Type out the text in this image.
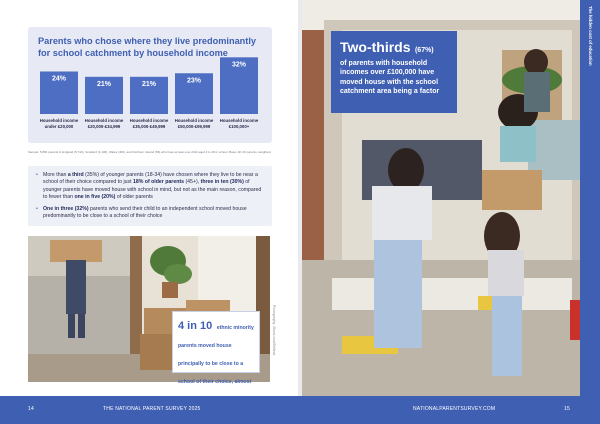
Parents who chose where they live predominantly for school catchment by household income
24%
Household income
under £20,000
21%
Household income
£20,000-£34,999
21%
Household income
£35,000-£49,999
23%
Household income
£50,000-£99,999
32%
Household income
£100,000+
Sample: 5,884 parents in England (5,744), Scotland (1,106), Wales (460), and Northern Ireland (59) who have at least one child aged 4 to 18 in school. Base: All UK parents, weighted.
• More than a third (35%) of younger parents (18-34) have chosen where they live to be near a school of their choice compared to just 18% of older parents (45+), three in ten (30%) of younger parents have moved house with school in mind, but not as the main reason, compared to fewer than one in five (20%) of older parents
• One in three (32%) parents who send their child to an independent school moved house predominantly to be close to a school of their choice
Photography: iStock.com/Tellbrok
4 in 10 ethnic minority parents moved house principally to be close to a school of their choice, almost
The hidden cost of education
Two-thirds (67%)
of parents with household incomes over £100,000 have moved house with the school catchment area being a factor
14	THE NATIONAL PARENT SURVEY 2025	NATIONALPARENTSURVEY.COM	15
